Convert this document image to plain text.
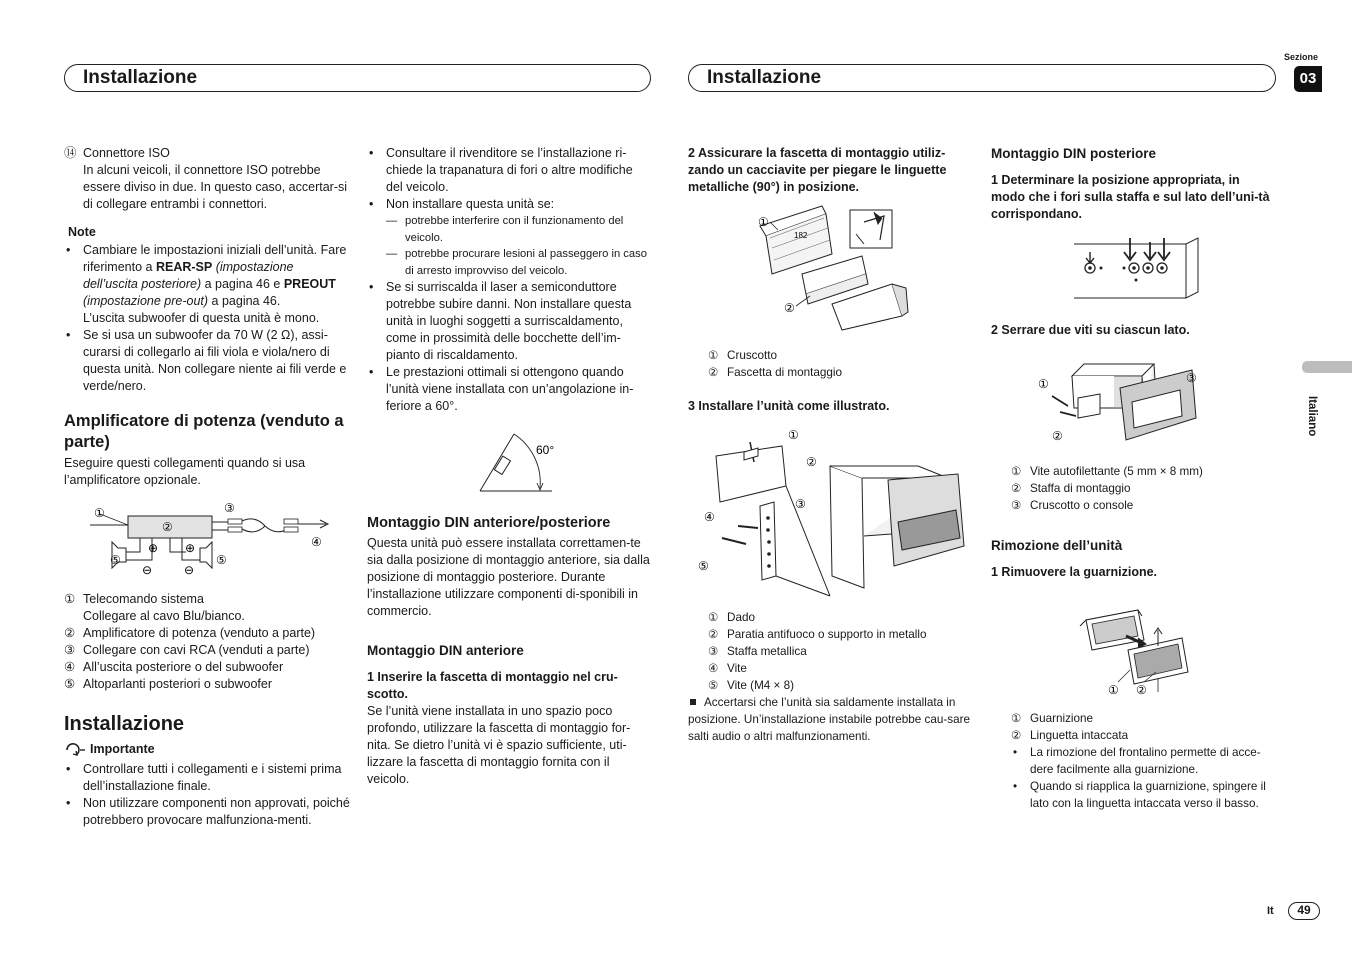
Installazione	Installazione
Sezione
03
Italiano
⑭ Connettore ISO

In alcuni veicoli, il connettore ISO potrebbe essere diviso in due. In questo caso, accertar-si di collegare entrambi i connettori.

Note

• Cambiare le impostazioni iniziali dell’unità. Fare riferimento a REAR-SP (impostazione dell’uscita posteriore) a pagina 46 e PREOUT (impostazione pre-out) a pagina 46.

L’uscita subwoofer di questa unità è mono.

• Se si usa un subwoofer da 70 W (2 Ω), assi-curarsi di collegarlo ai fili viola e viola/nero di questa unità. Non collegare niente ai fili verde e verde/nero.

Amplificatore di potenza (venduto a parte)

Eseguire questi collegamenti quando si usa l’amplificatore opzionale.

⊕
⊖
⊕
⊖
①
②
③
④
⑤	⑤
① Telecomando sistema

Collegare al cavo Blu/bianco.

② Amplificatore di potenza (venduto a parte)

③ Collegare con cavi RCA (venduti a parte)

④ All’uscita posteriore o del subwoofer

⑤ Altoparlanti posteriori o subwoofer

Installazione

Importante
• Controllare tutti i collegamenti e i sistemi prima dell’installazione finale.
• Non utilizzare componenti non approvati, poiché potrebbero provocare malfunziona-menti.
• Consultare il rivenditore se l’installazione ri-chiede la trapanatura di fori o altre modifiche del veicolo.
• Non installare questa unità se:
— potrebbe interferire con il funzionamento del veicolo.
— potrebbe procurare lesioni al passeggero in caso di arresto improvviso del veicolo.
• Se si surriscalda il laser a semiconduttore potrebbe subire danni. Non installare questa unità in luoghi soggetti a surriscaldamento, come in prossimità delle bocchette dell’im-pianto di riscaldamento.
• Le prestazioni ottimali si ottengono quando l’unità viene installata con un’angolazione in-feriore a 60°.
60°

Montaggio DIN anteriore/posteriore

Questa unità può essere installata correttamen-te sia dalla posizione di montaggio anteriore, sia dalla posizione di montaggio posteriore. Durante l’installazione utilizzare componenti di-sponibili in commercio.

Montaggio DIN anteriore

1 Inserire la fascetta di montaggio nel cru-scotto.

Se l’unità viene installata in uno spazio poco profondo, utilizzare la fascetta di montaggio for-nita. Se dietro l’unità vi è spazio sufficiente, uti-lizzare la fascetta di montaggio fornita con il veicolo.

2 Assicurare la fascetta di montaggio utiliz-zando un cacciavite per piegare le linguette metalliche (90°) in posizione.

182
①
②
① Cruscotto

② Fascetta di montaggio

3 Installare l’unità come illustrato.

①
②
③
④
⑤
① Dado

② Paratia antifuoco o supporto in metallo

③ Staffa metallica

④ Vite

⑤ Vite (M4 × 8)

Accertarsi che l’unità sia saldamente installata in posizione. Un’installazione instabile potrebbe cau-sare salti audio o altri malfunzionamenti.

Montaggio DIN posteriore

1 Determinare la posizione appropriata, in modo che i fori sulla staffa e sul lato dell’uni-tà corrispondano.

2 Serrare due viti su ciascun lato.

①
②
③
① Vite autofilettante (5 mm × 8 mm)

② Staffa di montaggio

③ Cruscotto o console

Rimozione dell’unità

1 Rimuovere la guarnizione.

① ②
① Guarnizione

② Linguetta intaccata

• La rimozione del frontalino permette di acce-dere facilmente alla guarnizione.
• Quando si riapplica la guarnizione, spingere il lato con la linguetta intaccata verso il basso.
It	49
